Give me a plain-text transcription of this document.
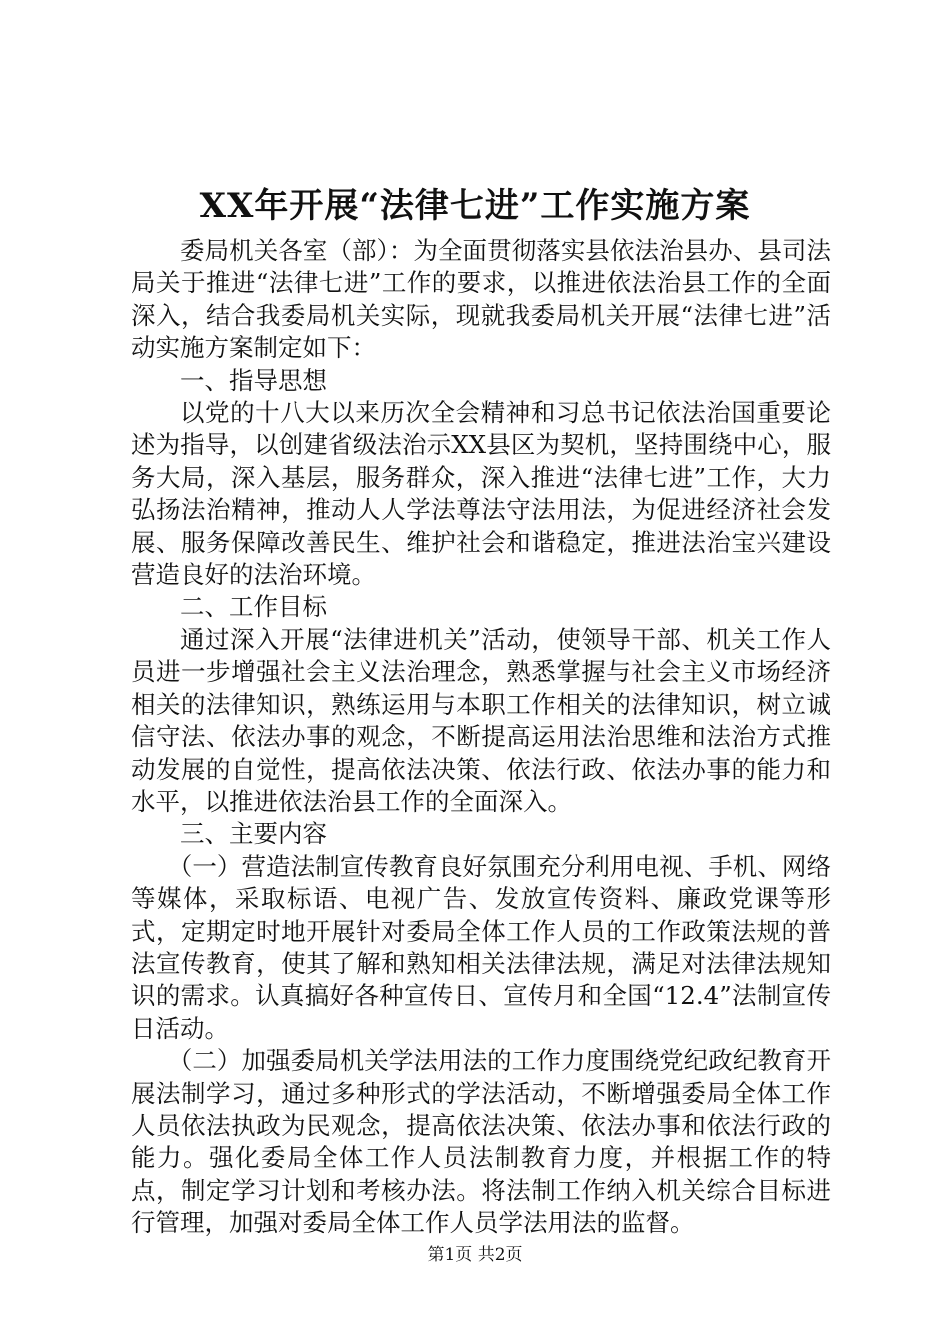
XX年开展“法律七进”工作实施方案

委局机关各室（部）：为全面贯彻落实县依法治县办、县司法局关于推进“法律七进”工作的要求，以推进依法治县工作的全面深入，结合我委局机关实际，现就我委局机关开展“法律七进”活动实施方案制定如下：

一、指导思想

以党的十八大以来历次全会精神和习总书记依法治国重要论述为指导，以创建省级法治示XX县区为契机，坚持围绕中心，服务大局，深入基层，服务群众，深入推进“法律七进”工作，大力弘扬法治精神，推动人人学法尊法守法用法，为促进经济社会发展、服务保障改善民生、维护社会和谐稳定，推进法治宝兴建设营造良好的法治环境。

二、工作目标

通过深入开展“法律进机关”活动，使领导干部、机关工作人员进一步增强社会主义法治理念，熟悉掌握与社会主义市场经济相关的法律知识，熟练运用与本职工作相关的法律知识，树立诚信守法、依法办事的观念，不断提高运用法治思维和法治方式推动发展的自觉性，提高依法决策、依法行政、依法办事的能力和水平，以推进依法治县工作的全面深入。

三、主要内容

（一）营造法制宣传教育良好氛围充分利用电视、手机、网络等媒体，采取标语、电视广告、发放宣传资料、廉政党课等形式，定期定时地开展针对委局全体工作人员的工作政策法规的普法宣传教育，使其了解和熟知相关法律法规，满足对法律法规知识的需求。认真搞好各种宣传日、宣传月和全国“12.4”法制宣传日活动。

（二）加强委局机关学法用法的工作力度围绕党纪政纪教育开展法制学习，通过多种形式的学法活动，不断增强委局全体工作人员依法执政为民观念，提高依法决策、依法办事和依法行政的能力。强化委局全体工作人员法制教育力度，并根据工作的特点，制定学习计划和考核办法。将法制工作纳入机关综合目标进行管理，加强对委局全体工作人员学法用法的监督。

第1页 共2页
